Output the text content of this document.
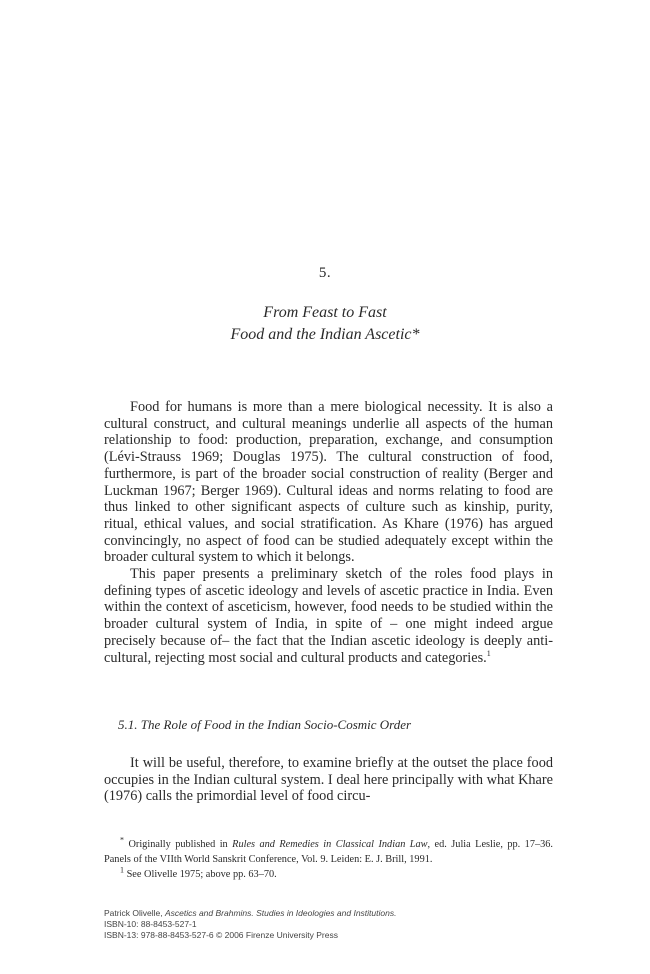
5.
From Feast to Fast
Food and the Indian Ascetic*

Food for humans is more than a mere biological necessity. It is also a cultural construct, and cultural meanings underlie all aspects of the human relationship to food: production, preparation, exchange, and consumption (Lévi-Strauss 1969; Douglas 1975). The cultural construction of food, furthermore, is part of the broader social construction of reality (Berger and Luckman 1967; Berger 1969). Cultural ideas and norms relating to food are thus linked to other significant aspects of culture such as kinship, purity, ritual, ethical values, and social stratification. As Khare (1976) has argued convincingly, no aspect of food can be studied adequately except within the broader cultural system to which it belongs.

This paper presents a preliminary sketch of the roles food plays in defining types of ascetic ideology and levels of ascetic practice in India. Even within the context of asceticism, however, food needs to be studied within the broader cultural system of India, in spite of – one might indeed argue precisely because of– the fact that the Indian ascetic ideology is deeply anti-cultural, rejecting most social and cultural products and categories.$^1$

5.1. The Role of Food in the Indian Socio-Cosmic Order

It will be useful, therefore, to examine briefly at the outset the place food occupies in the Indian cultural system. I deal here principally with what Khare (1976) calls the primordial level of food circu-

* Originally published in Rules and Remedies in Classical Indian Law, ed. Julia Leslie, pp. 17–36. Panels of the VIIth World Sanskrit Conference, Vol. 9. Leiden: E. J. Brill, 1991.

$^1$ See Olivelle 1975; above pp. 63–70.

Patrick Olivelle, Ascetics and Brahmins. Studies in Ideologies and Institutions.
ISBN-10: 88-8453-527-1
ISBN-13: 978-88-8453-527-6 © 2006 Firenze University Press
